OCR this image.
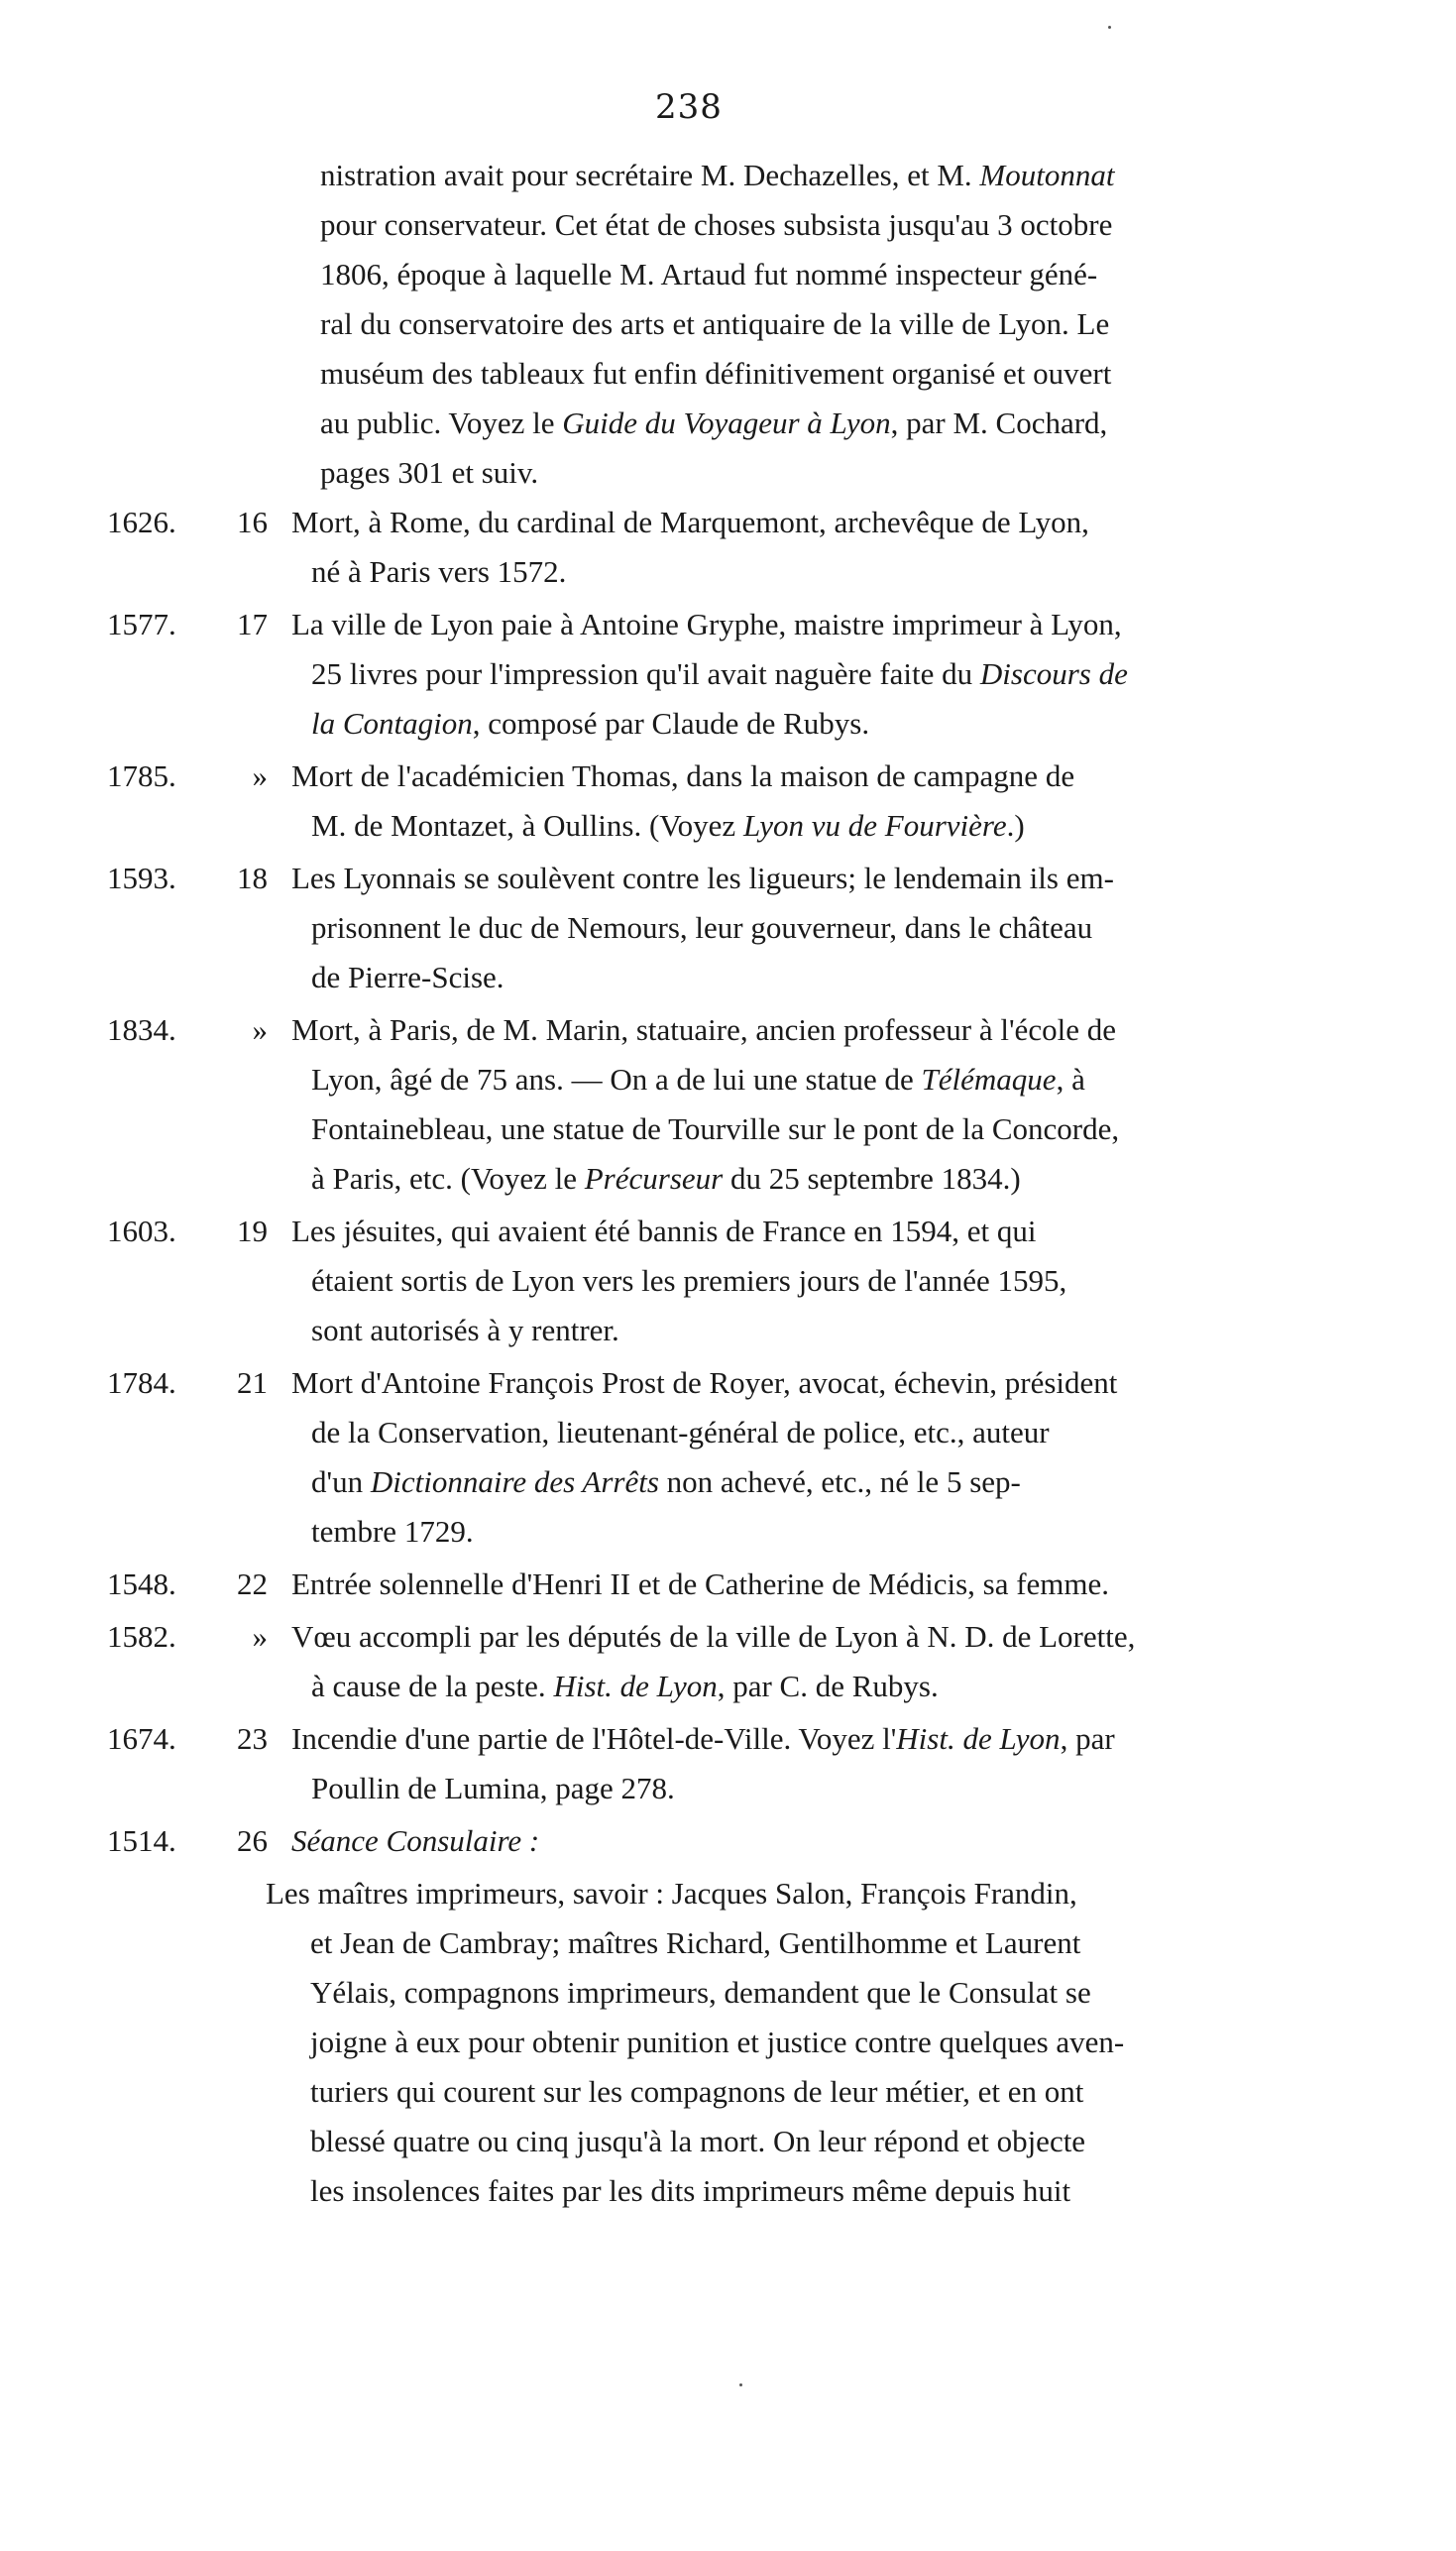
238
nistration avait pour secrétaire M. Dechazelles, et M. Moutonnat
pour conservateur. Cet état de choses subsista jusqu'au 3 octobre
1806, époque à laquelle M. Artaud fut nommé inspecteur géné-
ral du conservatoire des arts et antiquaire de la ville de Lyon. Le
muséum des tableaux fut enfin définitivement organisé et ouvert
au public. Voyez le Guide du Voyageur à Lyon, par M. Cochard,
pages 301 et suiv.
1626.	16 Mort, à Rome, du cardinal de Marquemont, archevêque de Lyon,
né à Paris vers 1572.
1577.	17 La ville de Lyon paie à Antoine Gryphe, maistre imprimeur à Lyon,
25 livres pour l'impression qu'il avait naguère faite du Discours de
la Contagion, composé par Claude de Rubys.
1785.	» Mort de l'académicien Thomas, dans la maison de campagne de
M. de Montazet, à Oullins. (Voyez Lyon vu de Fourvière.)
1593.	18 Les Lyonnais se soulèvent contre les ligueurs; le lendemain ils em-
prisonnent le duc de Nemours, leur gouverneur, dans le château
de Pierre-Scise.
1834.	» Mort, à Paris, de M. Marin, statuaire, ancien professeur à l'école de
Lyon, âgé de 75 ans. — On a de lui une statue de Télémaque, à
Fontainebleau, une statue de Tourville sur le pont de la Concorde,
à Paris, etc. (Voyez le Précurseur du 25 septembre 1834.)
1603.	19 Les jésuites, qui avaient été bannis de France en 1594, et qui
étaient sortis de Lyon vers les premiers jours de l'année 1595,
sont autorisés à y rentrer.
1784.	21 Mort d'Antoine François Prost de Royer, avocat, échevin, président
de la Conservation, lieutenant-général de police, etc., auteur
d'un Dictionnaire des Arrêts non achevé, etc., né le 5 sep-
tembre 1729.
1548.	22 Entrée solennelle d'Henri II et de Catherine de Médicis, sa femme.
1582.	» Vœu accompli par les députés de la ville de Lyon à N. D. de Lorette,
à cause de la peste. Hist. de Lyon, par C. de Rubys.
1674.	23 Incendie d'une partie de l'Hôtel-de-Ville. Voyez l'Hist. de Lyon, par
Poullin de Lumina, page 278.
1514.	26 Séance Consulaire :
Les maîtres imprimeurs, savoir : Jacques Salon, François Frandin,
et Jean de Cambray; maîtres Richard, Gentilhomme et Laurent
Yélais, compagnons imprimeurs, demandent que le Consulat se
joigne à eux pour obtenir punition et justice contre quelques aven-
turiers qui courent sur les compagnons de leur métier, et en ont
blessé quatre ou cinq jusqu'à la mort. On leur répond et objecte
les insolences faites par les dits imprimeurs même depuis huit
